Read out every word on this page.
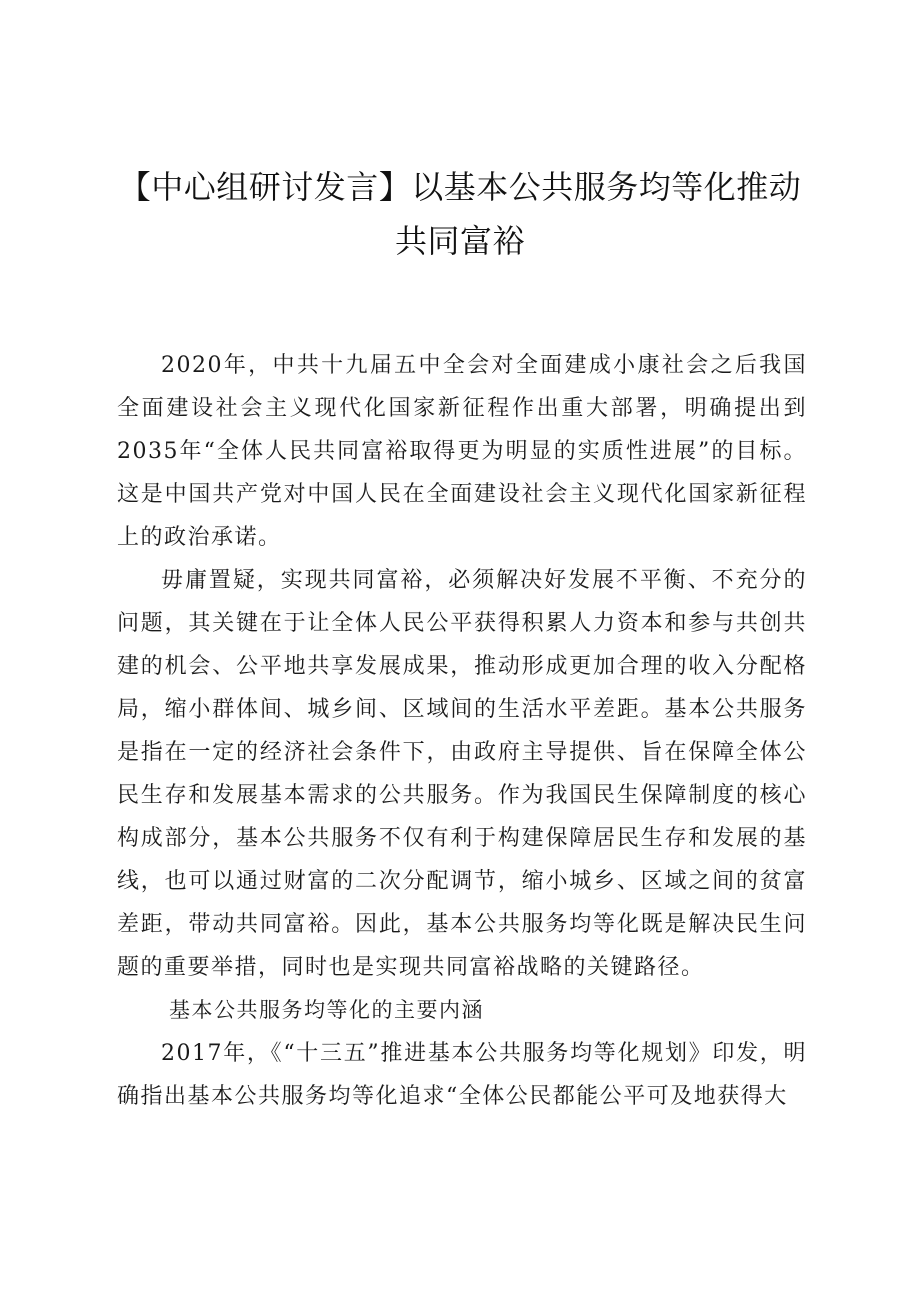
【中心组研讨发言】以基本公共服务均等化推动共同富裕

2020年，中共十九届五中全会对全面建成小康社会之后我国全面建设社会主义现代化国家新征程作出重大部署，明确提出到2035年“全体人民共同富裕取得更为明显的实质性进展”的目标。这是中国共产党对中国人民在全面建设社会主义现代化国家新征程上的政治承诺。

毋庸置疑，实现共同富裕，必须解决好发展不平衡、不充分的问题，其关键在于让全体人民公平获得积累人力资本和参与共创共建的机会、公平地共享发展成果，推动形成更加合理的收入分配格局，缩小群体间、城乡间、区域间的生活水平差距。基本公共服务是指在一定的经济社会条件下，由政府主导提供、旨在保障全体公民生存和发展基本需求的公共服务。作为我国民生保障制度的核心构成部分，基本公共服务不仅有利于构建保障居民生存和发展的基线，也可以通过财富的二次分配调节，缩小城乡、区域之间的贫富差距，带动共同富裕。因此，基本公共服务均等化既是解决民生问题的重要举措，同时也是实现共同富裕战略的关键路径。

基本公共服务均等化的主要内涵

2017年，《“十三五”推进基本公共服务均等化规划》印发，明确指出基本公共服务均等化追求“全体公民都能公平可及地获得大
